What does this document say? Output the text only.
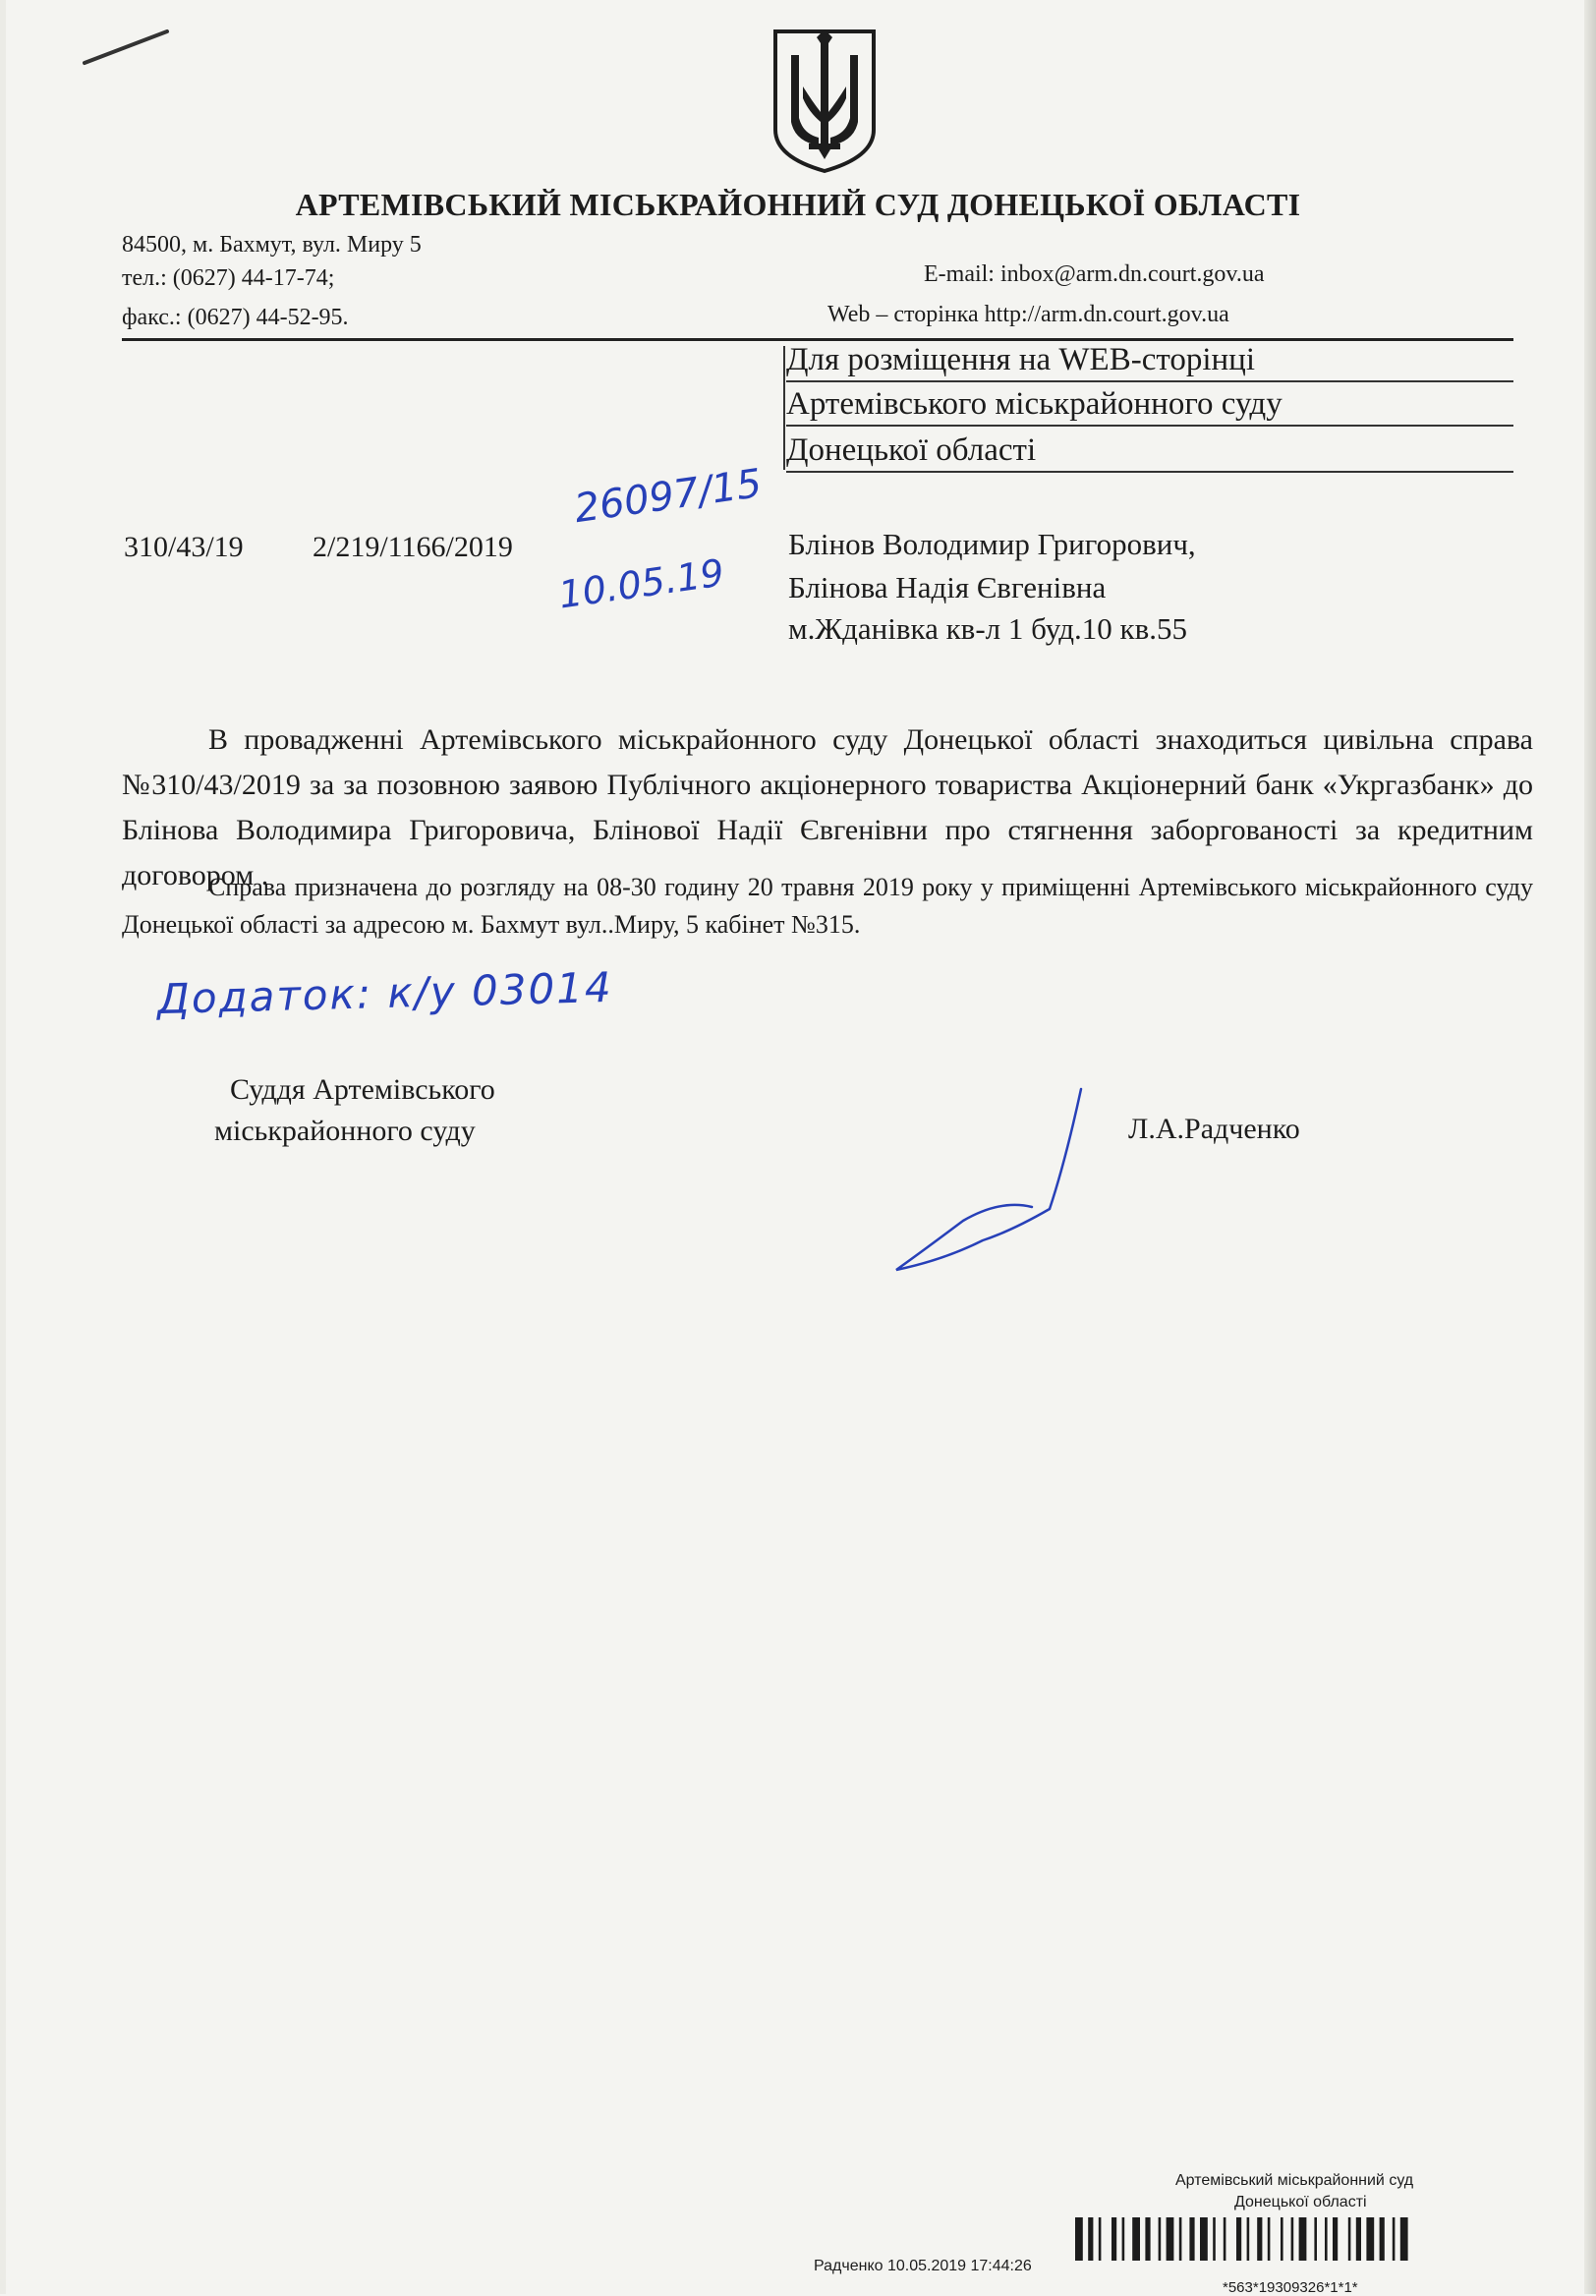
АРТЕМІВСЬКИЙ МІСЬКРАЙОННИЙ СУД ДОНЕЦЬКОЇ ОБЛАСТІ
84500, м. Бахмут, вул. Миру 5
тел.: (0627) 44-17-74;
факс.: (0627) 44-52-95.
E-mail: inbox@arm.dn.court.gov.ua
Web – сторінка http://arm.dn.court.gov.ua
Для розміщення на WEB-сторінці
Артемівського міськрайонного суду
Донецької області
310/43/19 2/219/1166/2019
26097/15
10.05.19
Блінов Володимир Григорович,
Блінова Надія Євгенівна
м.Жданівка кв-л 1 буд.10 кв.55
В провадженні Артемівського міськрайонного суду Донецької області знаходиться цивільна справа №310/43/2019 за за позовною заявою Публічного акціонерного товариства Акціонерний банк «Укргазбанк» до Блінова Володимира Григоровича, Блінової Надії Євгенівни про стягнення заборгованості за кредитним договором .
Справа призначена до розгляду на 08-30 годину 20 травня 2019 року у приміщенні Артемівського міськрайонного суду Донецької області за адресою м. Бахмут вул..Миру, 5 кабінет №315.
Додаток: к/у 03014
Суддя Артемівського
міськрайонного суду	Л.А.Радченко
Артемівський міськрайонний суд
Донецької області
Радченко 10.05.2019 17:44:26
*563*19309326*1*1*
